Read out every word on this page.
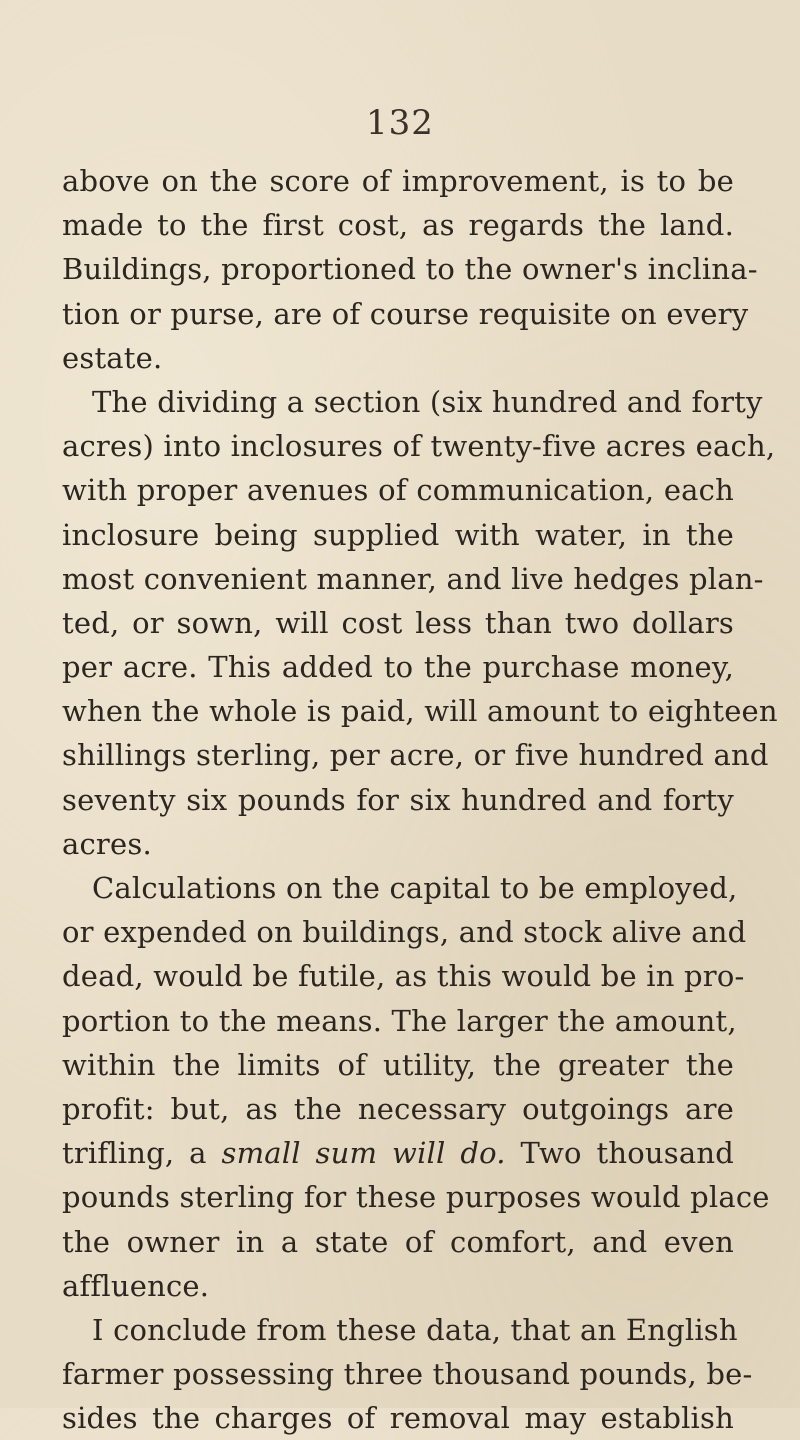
132
above on the score of improvement, is to be
made to the first cost, as regards the land.
Buildings, proportioned to the owner's inclina-
tion or purse, are of course requisite on every
estate.
The dividing a section (six hundred and forty
acres) into inclosures of twenty-five acres each,
with proper avenues of communication, each
inclosure being supplied with water, in the
most convenient manner, and live hedges plan-
ted, or sown, will cost less than two dollars
per acre. This added to the purchase money,
when the whole is paid, will amount to eighteen
shillings sterling, per acre, or five hundred and
seventy six pounds for six hundred and forty
acres.
Calculations on the capital to be employed,
or expended on buildings, and stock alive and
dead, would be futile, as this would be in pro-
portion to the means. The larger the amount,
within the limits of utility, the greater the
profit: but, as the necessary outgoings are
trifling, a small sum will do. Two thousand
pounds sterling for these purposes would place
the owner in a state of comfort, and even
affluence.
I conclude from these data, that an English
farmer possessing three thousand pounds, be-
sides the charges of removal may establish
